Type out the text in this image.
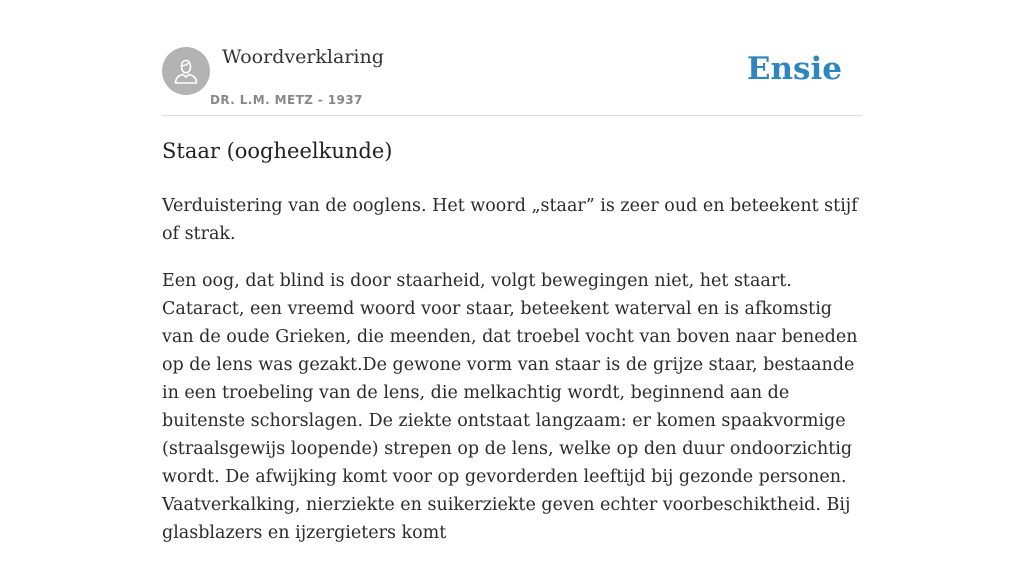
Woordverklaring
DR. L.M. METZ - 1937
Ensie
Staar (oogheelkunde)

Verduistering van de ooglens. Het woord „staar” is zeer oud en beteekent stijf of strak.

Een oog, dat blind is door staarheid, volgt bewegingen niet, het staart. Cataract, een vreemd woord voor staar, beteekent waterval en is afkomstig van de oude Grieken, die meenden, dat troebel vocht van boven naar beneden op de lens was gezakt.De gewone vorm van staar is de grijze staar, bestaande in een troebeling van de lens, die melkachtig wordt, beginnend aan de buitenste schorslagen. De ziekte ontstaat langzaam: er komen spaakvormige (straalsgewijs loopende) strepen op de lens, welke op den duur ondoorzichtig wordt. De afwijking komt voor op gevorderden leeftijd bij gezonde personen. Vaatverkalking, nierziekte en suikerziekte geven echter voorbeschiktheid. Bij glasblazers en ijzergieters komt
